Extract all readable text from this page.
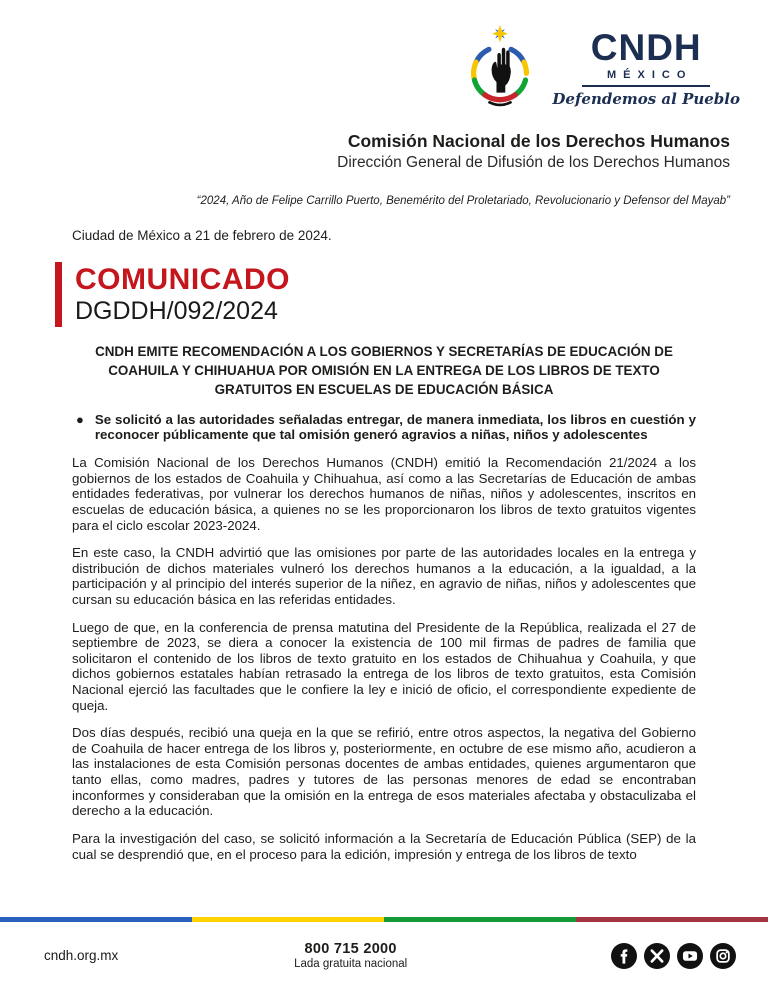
CNDH
MÉXICO
Defendemos al Pueblo
Comisión Nacional de los Derechos Humanos
Dirección General de Difusión de los Derechos Humanos
“2024, Año de Felipe Carrillo Puerto, Benemérito del Proletariado, Revolucionario y Defensor del Mayab”
Ciudad de México a 21 de febrero de 2024.
COMUNICADO
DGDDH/092/2024
CNDH EMITE RECOMENDACIÓN A LOS GOBIERNOS Y SECRETARÍAS DE EDUCACIÓN DE COAHUILA Y CHIHUAHUA POR OMISIÓN EN LA ENTREGA DE LOS LIBROS DE TEXTO GRATUITOS EN ESCUELAS DE EDUCACIÓN BÁSICA
● Se solicitó a las autoridades señaladas entregar, de manera inmediata, los libros en cuestión y reconocer públicamente que tal omisión generó agravios a niñas, niños y adolescentes

La Comisión Nacional de los Derechos Humanos (CNDH) emitió la Recomendación 21/2024 a los gobiernos de los estados de Coahuila y Chihuahua, así como a las Secretarías de Educación de ambas entidades federativas, por vulnerar los derechos humanos de niñas, niños y adolescentes, inscritos en escuelas de educación básica, a quienes no se les proporcionaron los libros de texto gratuitos vigentes para el ciclo escolar 2023-2024.

En este caso, la CNDH advirtió que las omisiones por parte de las autoridades locales en la entrega y distribución de dichos materiales vulneró los derechos humanos a la educación, a la igualdad, a la participación y al principio del interés superior de la niñez, en agravio de niñas, niños y adolescentes que cursan su educación básica en las referidas entidades.

Luego de que, en la conferencia de prensa matutina del Presidente de la República, realizada el 27 de septiembre de 2023, se diera a conocer la existencia de 100 mil firmas de padres de familia que solicitaron el contenido de los libros de texto gratuito en los estados de Chihuahua y Coahuila, y que dichos gobiernos estatales habían retrasado la entrega de los libros de texto gratuitos, esta Comisión Nacional ejerció las facultades que le confiere la ley e inició de oficio, el correspondiente expediente de queja.

Dos días después, recibió una queja en la que se refirió, entre otros aspectos, la negativa del Gobierno de Coahuila de hacer entrega de los libros y, posteriormente, en octubre de ese mismo año, acudieron a las instalaciones de esta Comisión personas docentes de ambas entidades, quienes argumentaron que tanto ellas, como madres, padres y tutores de las personas menores de edad se encontraban inconformes y consideraban que la omisión en la entrega de esos materiales afectaba y obstaculizaba el derecho a la educación.

Para la investigación del caso, se solicitó información a la Secretaría de Educación Pública (SEP) de la cual se desprendió que, en el proceso para la edición, impresión y entrega de los libros de texto

cndh.org.mx	800 715 2000
Lada gratuita nacional
